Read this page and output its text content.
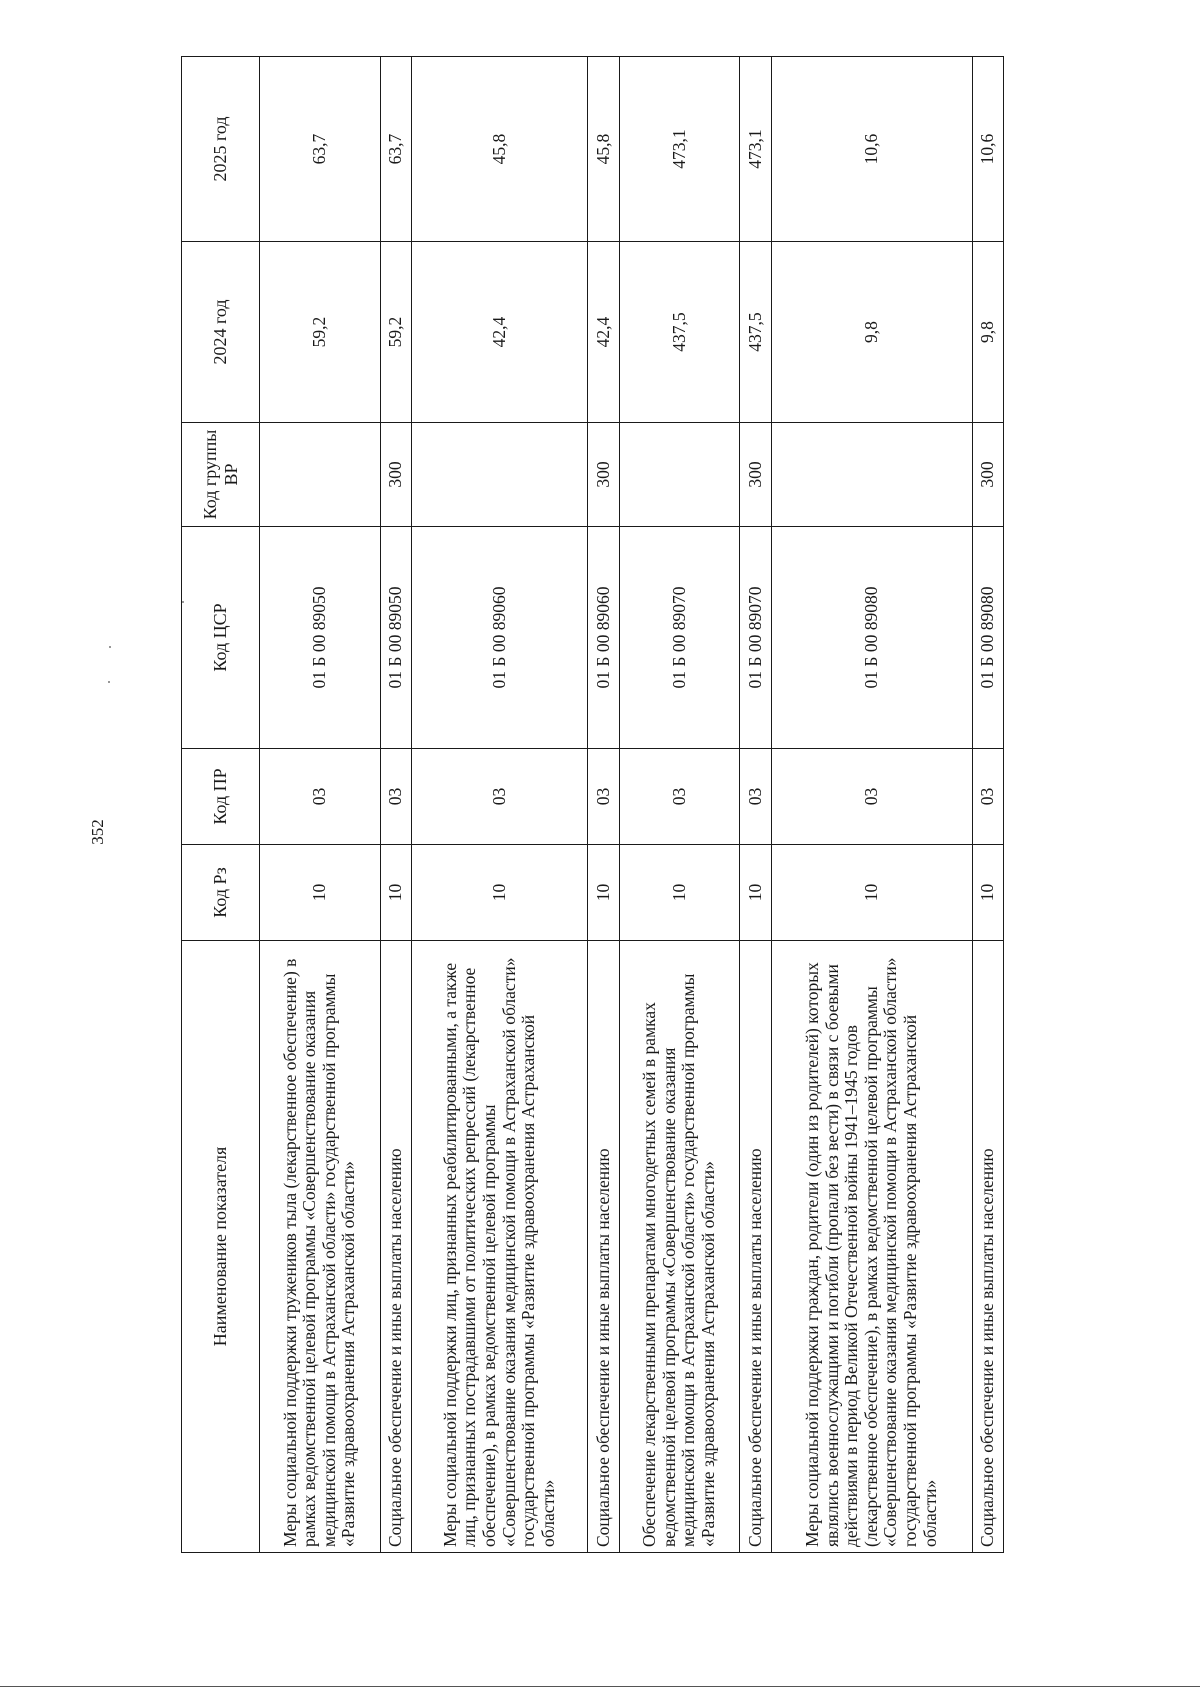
352
Наименование показателя	Код Рз	Код ПР	Код ЦСР	Код группы ВР	2024 год	2025 год
Меры социальной поддержки тружеников тыла (лекарственное обеспечение) в рамках ведомственной целевой программы «Совершенствование оказания медицинской помощи в Астраханской области» государственной программы «Развитие здравоохранения Астраханской области»	10	03	01 Б 00 89050		59,2	63,7
Социальное обеспечение и иные выплаты населению	10	03	01 Б 00 89050	300	59,2	63,7
Меры социальной поддержки лиц, признанных реабилитированными, а также лиц, признанных пострадавшими от политических репрессий (лекарственное обеспечение), в рамках ведомственной целевой программы «Совершенствование оказания медицинской помощи в Астраханской области» государственной программы «Развитие здравоохранения Астраханской области»	10	03	01 Б 00 89060		42,4	45,8
Социальное обеспечение и иные выплаты населению	10	03	01 Б 00 89060	300	42,4	45,8
Обеспечение лекарственными препаратами многодетных семей в рамках ведомственной целевой программы «Совершенствование оказания медицинской помощи в Астраханской области» государственной программы «Развитие здравоохранения Астраханской области»	10	03	01 Б 00 89070		437,5	473,1
Социальное обеспечение и иные выплаты населению	10	03	01 Б 00 89070	300	437,5	473,1
Меры социальной поддержки граждан, родители (один из родителей) которых являлись военнослужащими и погибли (пропали без вести) в связи с боевыми действиями в период Великой Отечественной войны 1941–1945 годов (лекарственное обеспечение), в рамках ведомственной целевой программы «Совершенствование оказания медицинской помощи в Астраханской области» государственной программы «Развитие здравоохранения Астраханской области»	10	03	01 Б 00 89080		9,8	10,6
Социальное обеспечение и иные выплаты населению	10	03	01 Б 00 89080	300	9,8	10,6
